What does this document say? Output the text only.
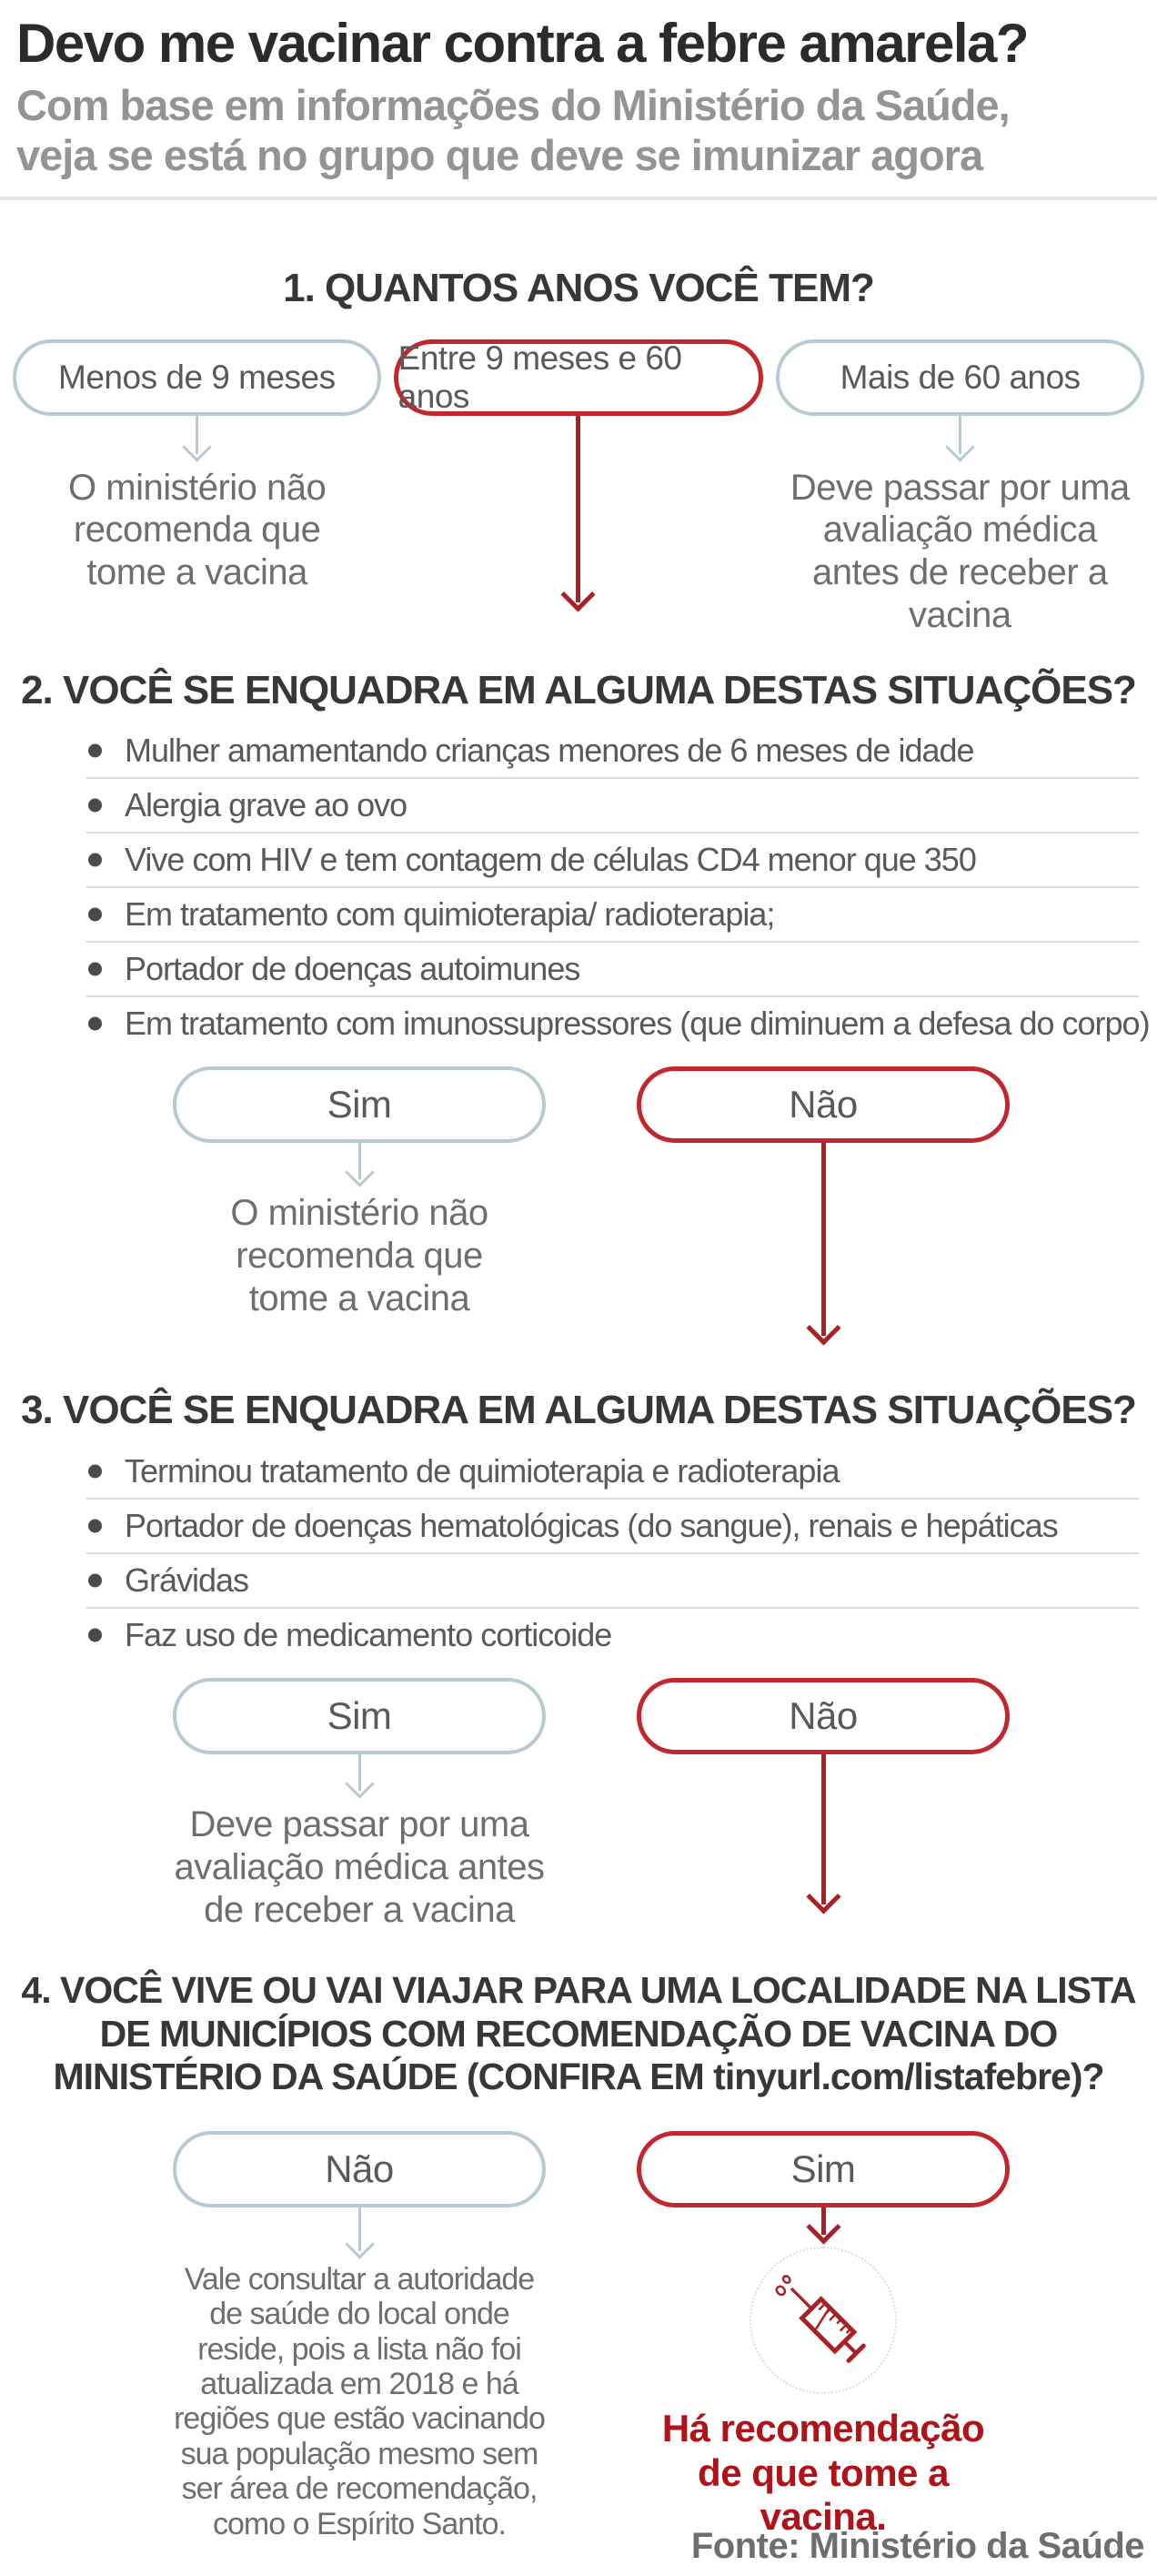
Devo me vacinar contra a febre amarela?

Com base em informações do Ministério da Saúde, veja se está no grupo que deve se imunizar agora

1. QUANTOS ANOS VOCÊ TEM?
Menos de 9 meses
Entre 9 meses e 60 anos
Mais de 60 anos
O ministério não recomenda que tome a vacina
Deve passar por uma avaliação médica antes de receber a vacina
2. VOCÊ SE ENQUADRA EM ALGUMA DESTAS SITUAÇÕES?
Mulher amamentando crianças menores de 6 meses de idade
Alergia grave ao ovo
Vive com HIV e tem contagem de células CD4 menor que 350
Em tratamento com quimioterapia/ radioterapia;
Portador de doenças autoimunes
Em tratamento com imunossupressores (que diminuem a defesa do corpo)
Sim	Não
O ministério não recomenda que tome a vacina
3. VOCÊ SE ENQUADRA EM ALGUMA DESTAS SITUAÇÕES?
Terminou tratamento de quimioterapia e radioterapia
Portador de doenças hematológicas (do sangue), renais e hepáticas
Grávidas
Faz uso de medicamento corticoide
Sim	Não
Deve passar por uma avaliação médica antes de receber a vacina
4. VOCÊ VIVE OU VAI VIAJAR PARA UMA LOCALIDADE NA LISTA
DE MUNICÍPIOS COM RECOMENDAÇÃO DE VACINA DO
MINISTÉRIO DA SAÚDE (CONFIRA EM tinyurl.com/listafebre)?
Não	Sim
Vale consultar a autoridade de saúde do local onde reside, pois a lista não foi atualizada em 2018 e há regiões que estão vacinando sua população mesmo sem ser área de recomendação, como o Espírito Santo.
Há recomendação de que tome a vacina.
Fonte: Ministério da Saúde
